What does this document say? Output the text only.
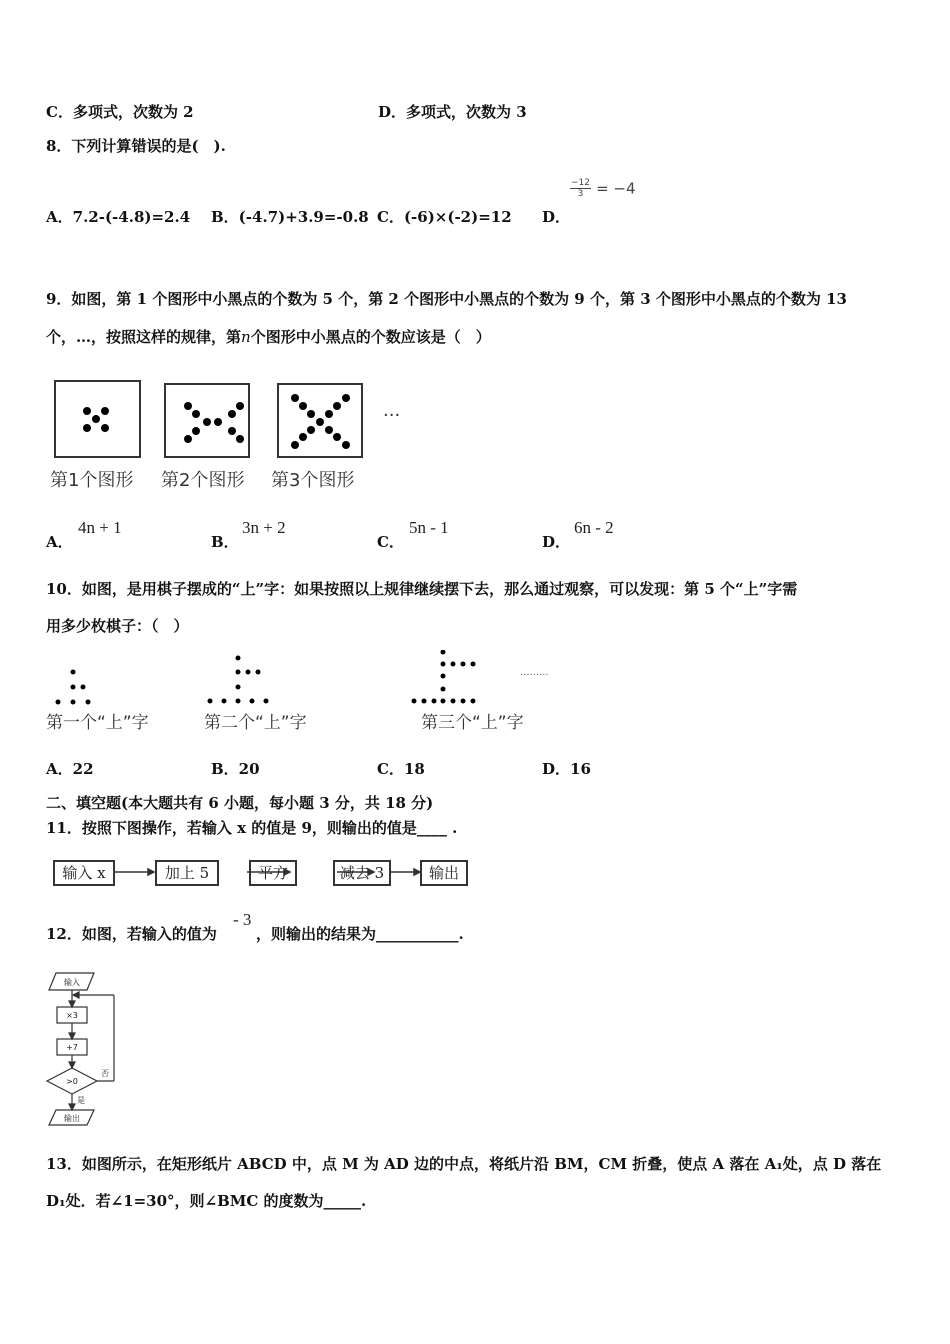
C．多项式，次数为 2	D．多项式，次数为 3
8．下列计算错误的是(　).
A．7.2-(-4.8)=2.4 B．(-4.7)+3.9=-0.8 C．(-6)×(-2)=12 D．
$\frac{-12}{3} = -4$
9．如图，第 1 个图形中小黑点的个数为 5 个，第 2 个图形中小黑点的个数为 9 个，第 3 个图形中小黑点的个数为 13
个，…，按照这样的规律，第n个图形中小黑点的个数应该是（　）
···
第1个图形 第2个图形 第3个图形
A．
4n + 1
B．
3n + 2
C．
5n - 1
D．
6n - 2
10．如图，是用棋子摆成的“上”字：如果按照以上规律继续摆下去，那么通过观察，可以发现：第 5 个“上”字需
用多少枚棋子：（　）
·········
第一个“上”字	第二个“上”字	第三个“上”字
A．22	B．20	C．18	D．16
二、填空题(本大题共有 6 小题，每小题 3 分，共 18 分)
11．按照下图操作，若输入 x 的值是 9，则输出的值是____ .
输入 x	加上 5	平方	减去 3	输出
12．如图，若输入的值为
- 3
，则输出的结果为___________.
输入
×3
+7
>0
否
是
输出
13．如图所示，在矩形纸片 ABCD 中，点 M 为 AD 边的中点，将纸片沿 BM，CM 折叠，使点 A 落在 A₁处，点 D 落在
D₁处．若∠1=30°，则∠BMC 的度数为_____.
